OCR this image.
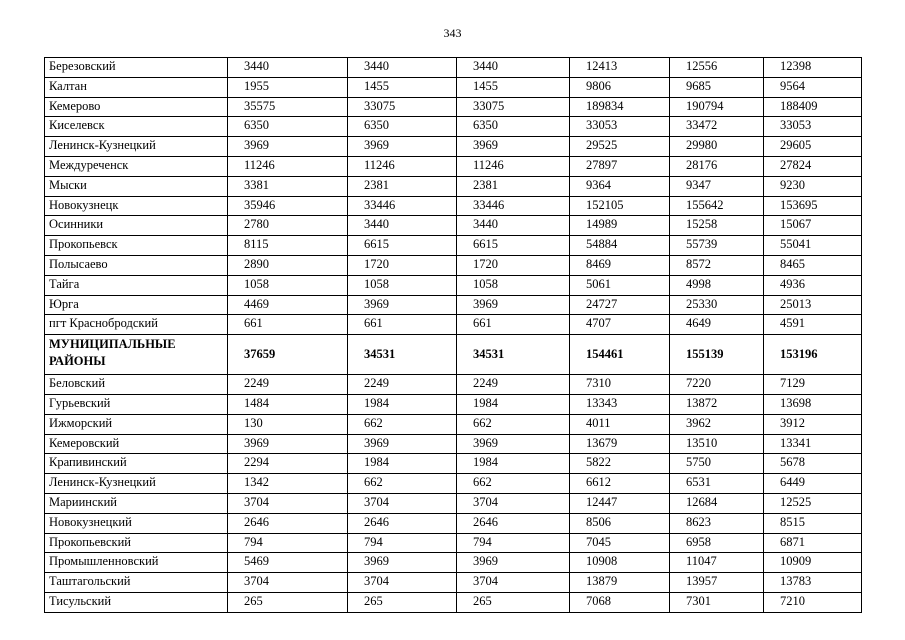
343
Березовский	3440	3440	3440	12413	12556	12398
Калтан	1955	1455	1455	9806	9685	9564
Кемерово	35575	33075	33075	189834	190794	188409
Киселевск	6350	6350	6350	33053	33472	33053
Ленинск-Кузнецкий	3969	3969	3969	29525	29980	29605
Междуреченск	11246	11246	11246	27897	28176	27824
Мыски	3381	2381	2381	9364	9347	9230
Новокузнецк	35946	33446	33446	152105	155642	153695
Осинники	2780	3440	3440	14989	15258	15067
Прокопьевск	8115	6615	6615	54884	55739	55041
Полысаево	2890	1720	1720	8469	8572	8465
Тайга	1058	1058	1058	5061	4998	4936
Юрга	4469	3969	3969	24727	25330	25013
пгт Краснобродский	661	661	661	4707	4649	4591
МУНИЦИПАЛЬНЫЕ РАЙОНЫ	37659	34531	34531	154461	155139	153196
Беловский	2249	2249	2249	7310	7220	7129
Гурьевский	1484	1984	1984	13343	13872	13698
Ижморский	130	662	662	4011	3962	3912
Кемеровский	3969	3969	3969	13679	13510	13341
Крапивинский	2294	1984	1984	5822	5750	5678
Ленинск-Кузнецкий	1342	662	662	6612	6531	6449
Мариинский	3704	3704	3704	12447	12684	12525
Новокузнецкий	2646	2646	2646	8506	8623	8515
Прокопьевский	794	794	794	7045	6958	6871
Промышленновский	5469	3969	3969	10908	11047	10909
Таштагольский	3704	3704	3704	13879	13957	13783
Тисульский	265	265	265	7068	7301	7210
